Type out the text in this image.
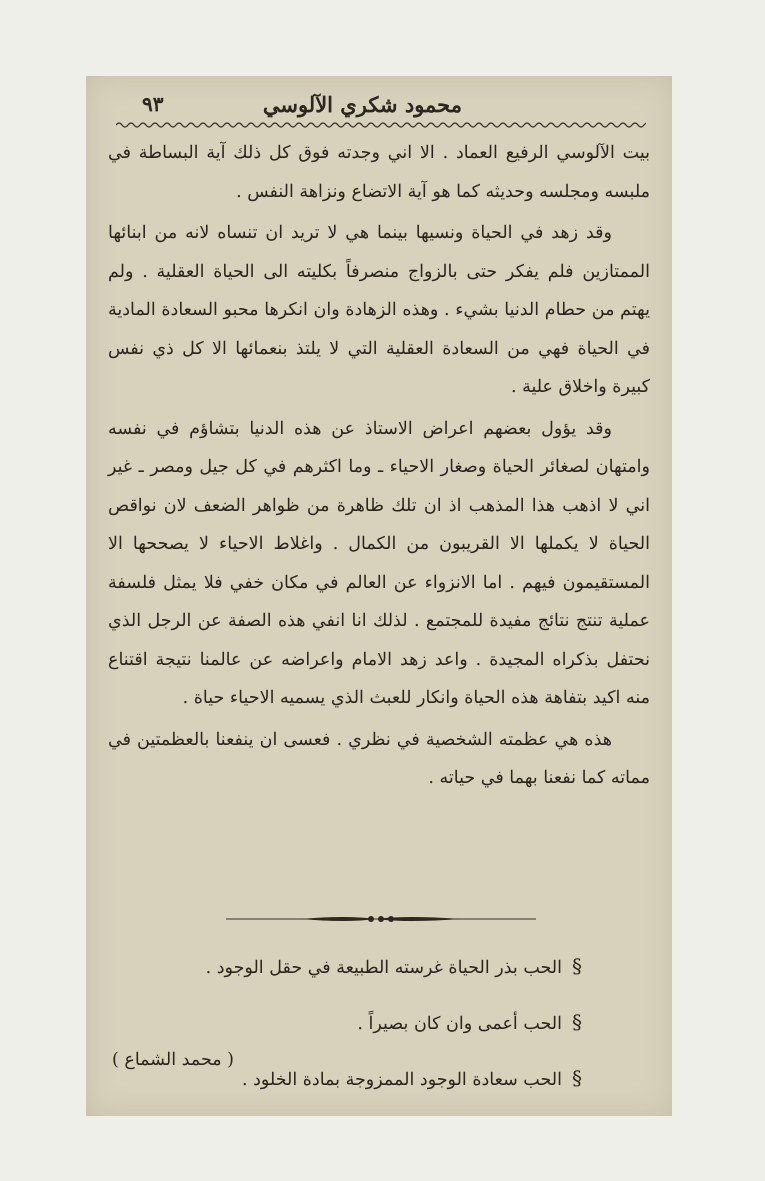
محمود شكري الآلوسي
٩٣

بيت الآلوسي الرفيع العماد . الا اني وجدته فوق كل ذلك آية البساطة في ملبسه ومجلسه وحديثه كما هو آية الاتضاع ونزاهة النفس .

وقد زهد في الحياة ونسيها بينما هي لا تريد ان تنساه لانه من ابنائها الممتازين فلم يفكر حتى بالزواج منصرفاً بكليته الى الحياة العقلية . ولم يهتم من حطام الدنيا بشيء . وهذه الزهادة وان انكرها محبو السعادة المادية في الحياة فهي من السعادة العقلية التي لا يلتذ بنعمائها الا كل ذي نفس كبيرة واخلاق علية .

وقد يؤول بعضهم اعراض الاستاذ عن هذه الدنيا بتشاؤم في نفسه وامتهان لصغائر الحياة وصغار الاحياء ـ وما اكثرهم في كل جيل ومصر ـ غير اني لا اذهب هذا المذهب اذ ان تلك ظاهرة من ظواهر الضعف لان نواقص الحياة لا يكملها الا القريبون من الكمال . واغلاط الاحياء لا يصححها الا المستقيمون فيهم . اما الانزواء عن العالم في مكان خفي فلا يمثل فلسفة عملية تنتج نتائج مفيدة للمجتمع . لذلك انا انفي هذه الصفة عن الرجل الذي نحتفل بذكراه المجيدة . واعد زهد الامام واعراضه عن عالمنا نتيجة اقتناع منه اكيد بتفاهة هذه الحياة وانكار للعبث الذي يسميه الاحياء حياة .

هذه هي عظمته الشخصية في نظري . فعسى ان ينفعنا بالعظمتين في مماته كما نفعنا بهما في حياته .

§الحب بذر الحياة غرسته الطبيعة في حقل الوجود .
§الحب أعمى وان كان بصيراً .
§الحب سعادة الوجود الممزوجة بمادة الخلود .
( محمد الشماع )
